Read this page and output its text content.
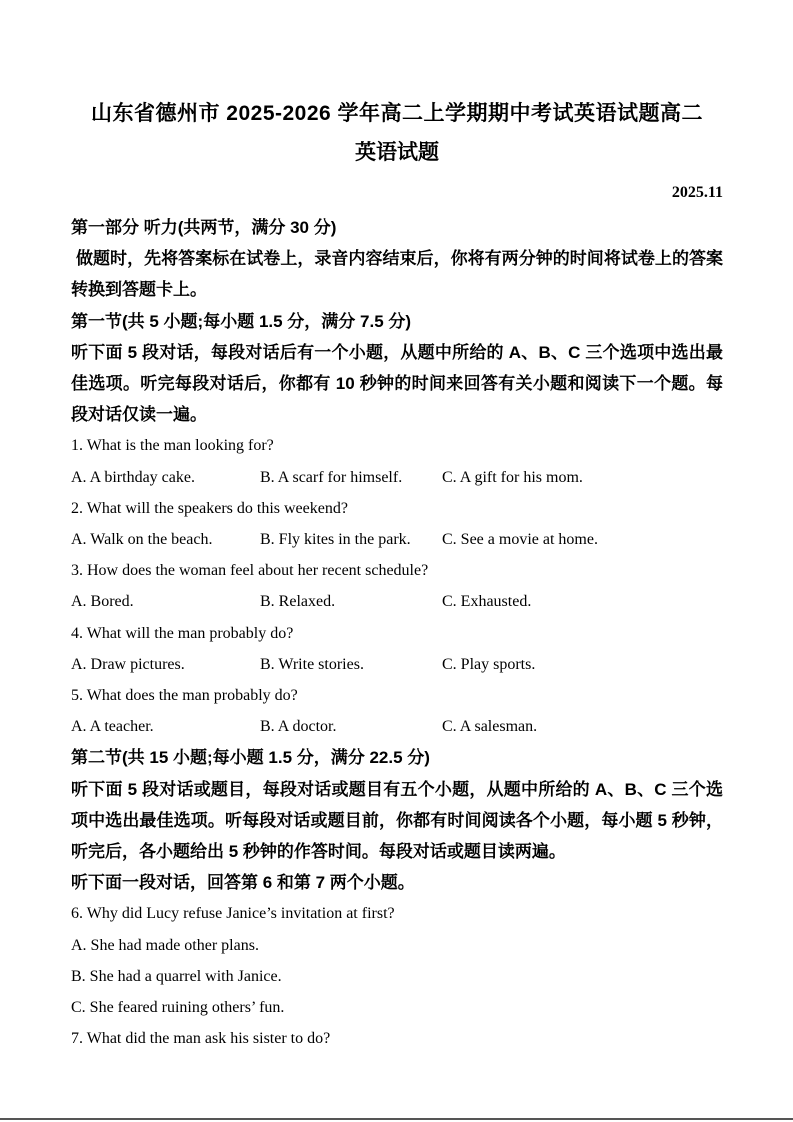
山东省德州市 2025-2026 学年高二上学期期中考试英语试题高二
英语试题
2025.11

第一部分 听力(共两节，满分 30 分)

做题时，先将答案标在试卷上，录音内容结束后，你将有两分钟的时间将试卷上的答案转换到答题卡上。

第一节(共 5 小题;每小题 1.5 分，满分 7.5 分)

听下面 5 段对话，每段对话后有一个小题，从题中所给的 A、B、C 三个选项中选出最佳选项。听完每段对话后，你都有 10 秒钟的时间来回答有关小题和阅读下一个题。每段对话仅读一遍。

1. What is the man looking for?

A. A birthday cake.	B. A scarf for himself.	C. A gift for his mom.

2. What will the speakers do this weekend?

A. Walk on the beach.	B. Fly kites in the park.	C. See a movie at home.

3. How does the woman feel about her recent schedule?

A. Bored.	B. Relaxed.	C. Exhausted.

4. What will the man probably do?

A. Draw pictures.	B. Write stories.	C. Play sports.

5. What does the man probably do?

A. A teacher.	B. A doctor.	C. A salesman.

第二节(共 15 小题;每小题 1.5 分，满分 22.5 分)

听下面 5 段对话或题目，每段对话或题目有五个小题，从题中所给的 A、B、C 三个选项中选出最佳选项。听每段对话或题目前，你都有时间阅读各个小题，每小题 5 秒钟，听完后，各小题给出 5 秒钟的作答时间。每段对话或题目读两遍。

听下面一段对话，回答第 6 和第 7 两个小题。

6. Why did Lucy refuse Janice’s invitation at first?

A. She had made other plans.

B. She had a quarrel with Janice.

C. She feared ruining others’ fun.

7. What did the man ask his sister to do?
